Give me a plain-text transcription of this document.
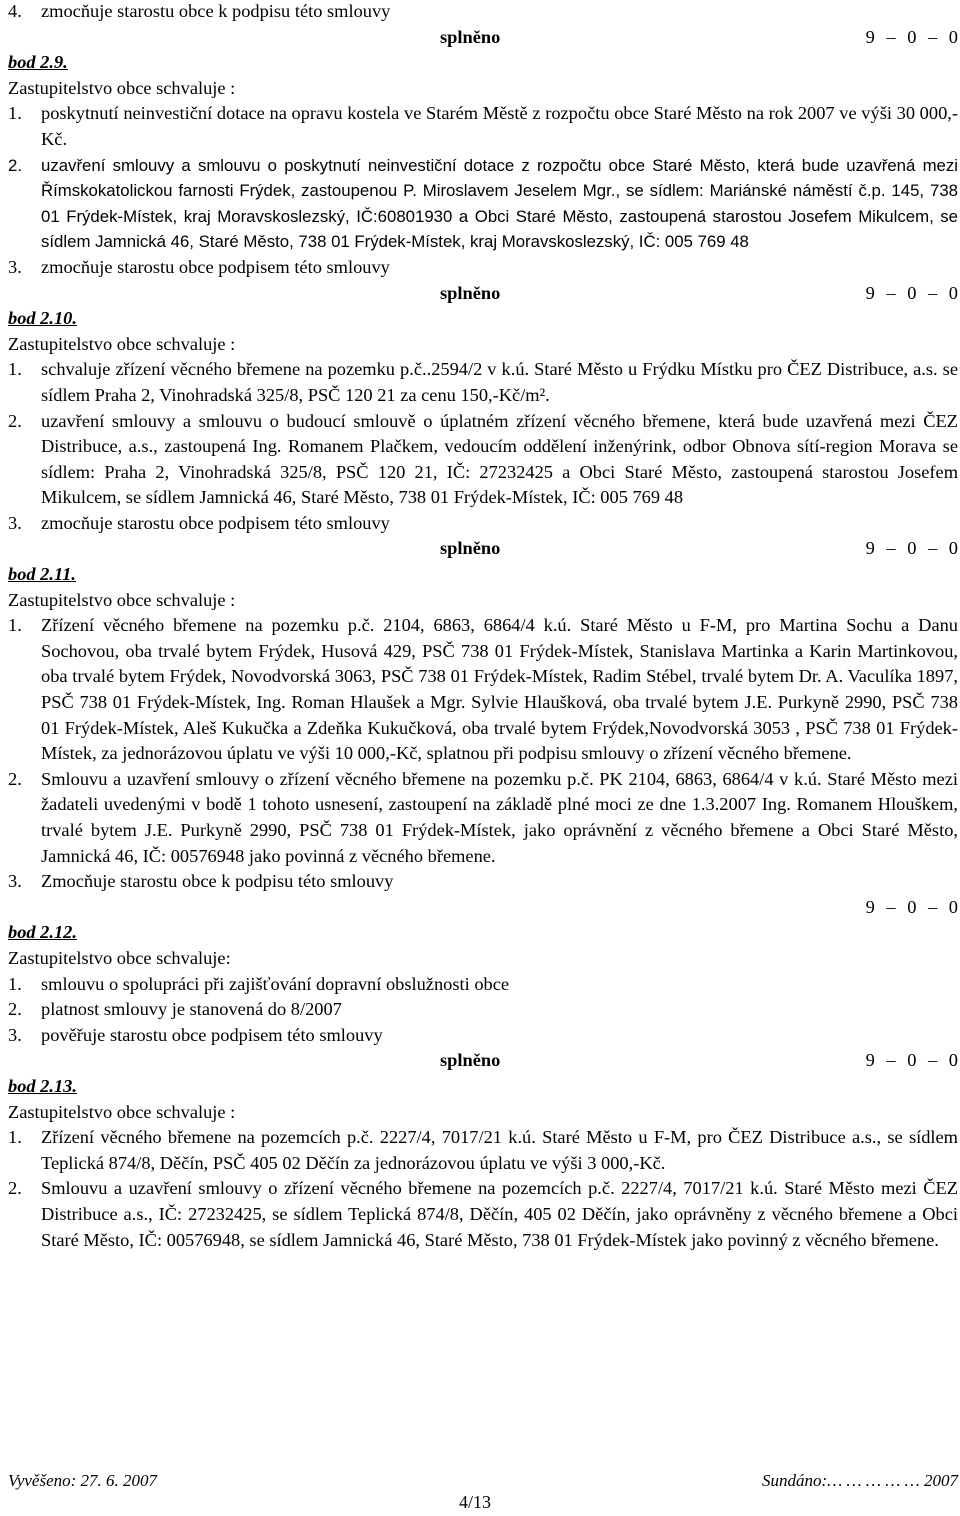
4.	zmocňuje starostu obce k podpisu této smlouvy
splněno	9 – 0 – 0
bod 2.9.
Zastupitelstvo obce schvaluje :
1.	poskytnutí neinvestiční dotace na opravu kostela ve Starém Městě z rozpočtu obce Staré Město na rok 2007 ve výši 30 000,-Kč.
2.	uzavření smlouvy a smlouvu o poskytnutí neinvestiční dotace z rozpočtu obce Staré Město, která bude uzavřená mezi Římskokatolickou farnosti Frýdek, zastoupenou P. Miroslavem Jeselem Mgr., se sídlem: Mariánské náměstí č.p. 145, 738 01 Frýdek-Místek, kraj Moravskoslezský, IČ:60801930 a Obci Staré Město, zastoupená starostou Josefem Mikulcem, se sídlem Jamnická 46, Staré Město, 738 01 Frýdek-Místek, kraj Moravskoslezský, IČ: 005 769 48
3.	zmocňuje starostu obce podpisem této smlouvy
splněno	9 – 0 – 0
bod 2.10.
Zastupitelstvo obce schvaluje :
1.	schvaluje zřízení věcného břemene na pozemku p.č..2594/2 v k.ú. Staré Město u Frýdku Místku pro ČEZ Distribuce, a.s. se sídlem Praha 2, Vinohradská 325/8, PSČ 120 21 za cenu 150,-Kč/m².
2.	uzavření smlouvy a smlouvu o budoucí smlouvě o úplatném zřízení věcného břemene, která bude uzavřená mezi ČEZ Distribuce, a.s., zastoupená Ing. Romanem Plačkem, vedoucím oddělení inženýrink, odbor Obnova sítí-region Morava se sídlem: Praha 2, Vinohradská 325/8, PSČ 120 21, IČ: 27232425 a Obci Staré Město, zastoupená starostou Josefem Mikulcem, se sídlem Jamnická 46, Staré Město, 738 01 Frýdek-Místek, IČ: 005 769 48
3.	zmocňuje starostu obce podpisem této smlouvy
splněno	9 – 0 – 0
bod 2.11.
Zastupitelstvo obce schvaluje :
1.	Zřízení věcného břemene na pozemku p.č. 2104, 6863, 6864/4 k.ú. Staré Město u F-M, pro Martina Sochu a Danu Sochovou, oba trvalé bytem Frýdek, Husová 429, PSČ 738 01 Frýdek-Místek, Stanislava Martinka a Karin Martinkovou, oba trvalé bytem Frýdek, Novodvorská 3063, PSČ 738 01 Frýdek-Místek, Radim Stébel, trvalé bytem Dr. A. Vaculíka 1897, PSČ 738 01 Frýdek-Místek, Ing. Roman Hlaušek a Mgr. Sylvie Hlaušková, oba trvalé bytem J.E. Purkyně 2990, PSČ 738 01 Frýdek-Místek, Aleš Kukučka a Zdeňka Kukučková, oba trvalé bytem Frýdek,Novodvorská 3053 , PSČ 738 01 Frýdek-Místek, za jednorázovou úplatu ve výši 10 000,-Kč, splatnou při podpisu smlouvy o zřízení věcného břemene.
2.	Smlouvu a uzavření smlouvy o zřízení věcného břemene na pozemku p.č. PK 2104, 6863, 6864/4 v k.ú. Staré Město mezi žadateli uvedenými v bodě 1 tohoto usnesení, zastoupení na základě plné moci ze dne 1.3.2007 Ing. Romanem Hlouškem, trvalé bytem J.E. Purkyně 2990, PSČ 738 01 Frýdek-Místek, jako oprávnění z věcného břemene a Obci Staré Město, Jamnická 46, IČ: 00576948 jako povinná z věcného břemene.
3.	Zmocňuje starostu obce k podpisu této smlouvy
9 – 0 – 0
bod 2.12.
Zastupitelstvo obce schvaluje:
1.	smlouvu o spolupráci při zajišťování dopravní obslužnosti obce
2.	platnost smlouvy je stanovená do 8/2007
3.	pověřuje starostu obce podpisem této smlouvy
splněno	9 – 0 – 0
bod 2.13.
Zastupitelstvo obce schvaluje :
1.	Zřízení věcného břemene na pozemcích p.č. 2227/4, 7017/21 k.ú. Staré Město u F-M, pro ČEZ Distribuce a.s., se sídlem Teplická 874/8, Děčín, PSČ 405 02 Děčín za jednorázovou úplatu ve výši 3 000,-Kč.
2.	Smlouvu a uzavření smlouvy o zřízení věcného břemene na pozemcích p.č. 2227/4, 7017/21 k.ú. Staré Město mezi ČEZ Distribuce a.s., IČ: 27232425, se sídlem Teplická 874/8, Děčín, 405 02 Děčín, jako oprávněny z věcného břemene a Obci Staré Město, IČ: 00576948, se sídlem Jamnická 46, Staré Město, 738 01 Frýdek-Místek jako povinný z věcného břemene.
Vyvěšeno: 27. 6. 2007	Sundáno:… … … … … 2007
4/13
